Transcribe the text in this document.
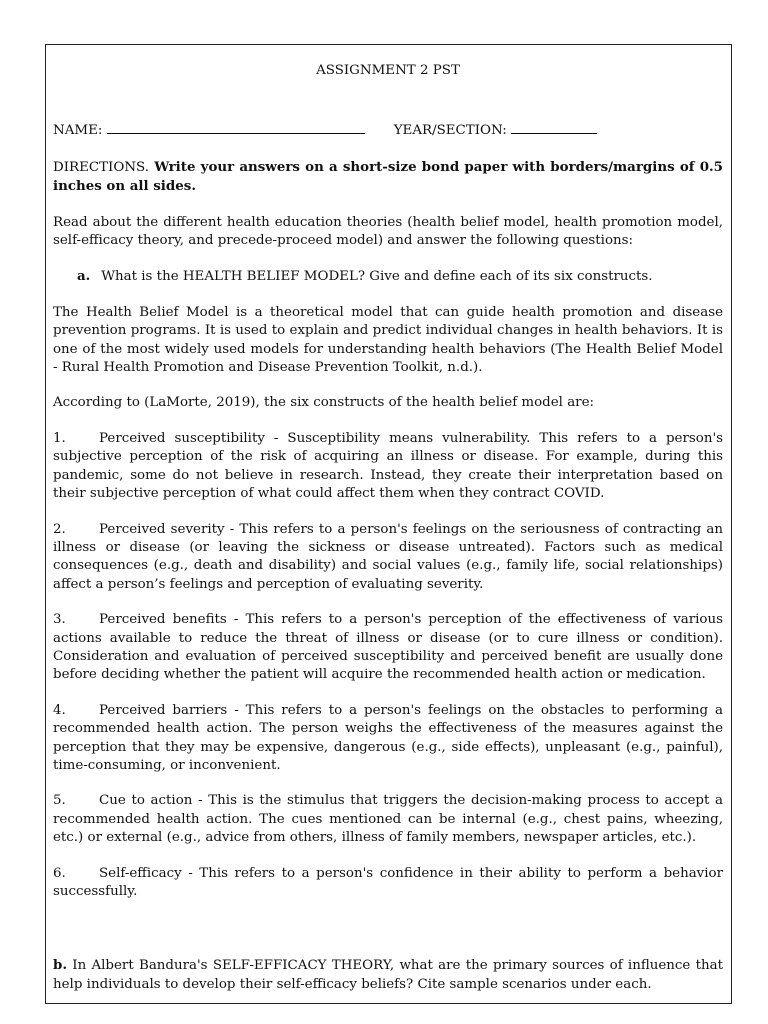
ASSIGNMENT 2 PST

NAME:	YEAR/SECTION:

DIRECTIONS. Write your answers on a short-size bond paper with borders/margins of 0.5 inches on all sides.

Read about the different health education theories (health belief model, health promotion model, self-efficacy theory, and precede-proceed model) and answer the following questions:

a. What is the HEALTH BELIEF MODEL? Give and define each of its six constructs.

The Health Belief Model is a theoretical model that can guide health promotion and disease prevention programs. It is used to explain and predict individual changes in health behaviors. It is one of the most widely used models for understanding health behaviors (The Health Belief Model - Rural Health Promotion and Disease Prevention Toolkit, n.d.).

According to (LaMorte, 2019), the six constructs of the health belief model are:

1. Perceived susceptibility - Susceptibility means vulnerability. This refers to a person's subjective perception of the risk of acquiring an illness or disease. For example, during this pandemic, some do not believe in research. Instead, they create their interpretation based on their subjective perception of what could affect them when they contract COVID.

2. Perceived severity - This refers to a person's feelings on the seriousness of contracting an illness or disease (or leaving the sickness or disease untreated). Factors such as medical consequences (e.g., death and disability) and social values (e.g., family life, social relationships) affect a person’s feelings and perception of evaluating severity.

3. Perceived benefits - This refers to a person's perception of the effectiveness of various actions available to reduce the threat of illness or disease (or to cure illness or condition). Consideration and evaluation of perceived susceptibility and perceived benefit are usually done before deciding whether the patient will acquire the recommended health action or medication.

4. Perceived barriers - This refers to a person's feelings on the obstacles to performing a recommended health action. The person weighs the effectiveness of the measures against the perception that they may be expensive, dangerous (e.g., side effects), unpleasant (e.g., painful), time-consuming, or inconvenient.

5. Cue to action - This is the stimulus that triggers the decision-making process to accept a recommended health action. The cues mentioned can be internal (e.g., chest pains, wheezing, etc.) or external (e.g., advice from others, illness of family members, newspaper articles, etc.).

6. Self-efficacy - This refers to a person's confidence in their ability to perform a behavior successfully.

b. In Albert Bandura's SELF-EFFICACY THEORY, what are the primary sources of influence that help individuals to develop their self-efficacy beliefs? Cite sample scenarios under each.
